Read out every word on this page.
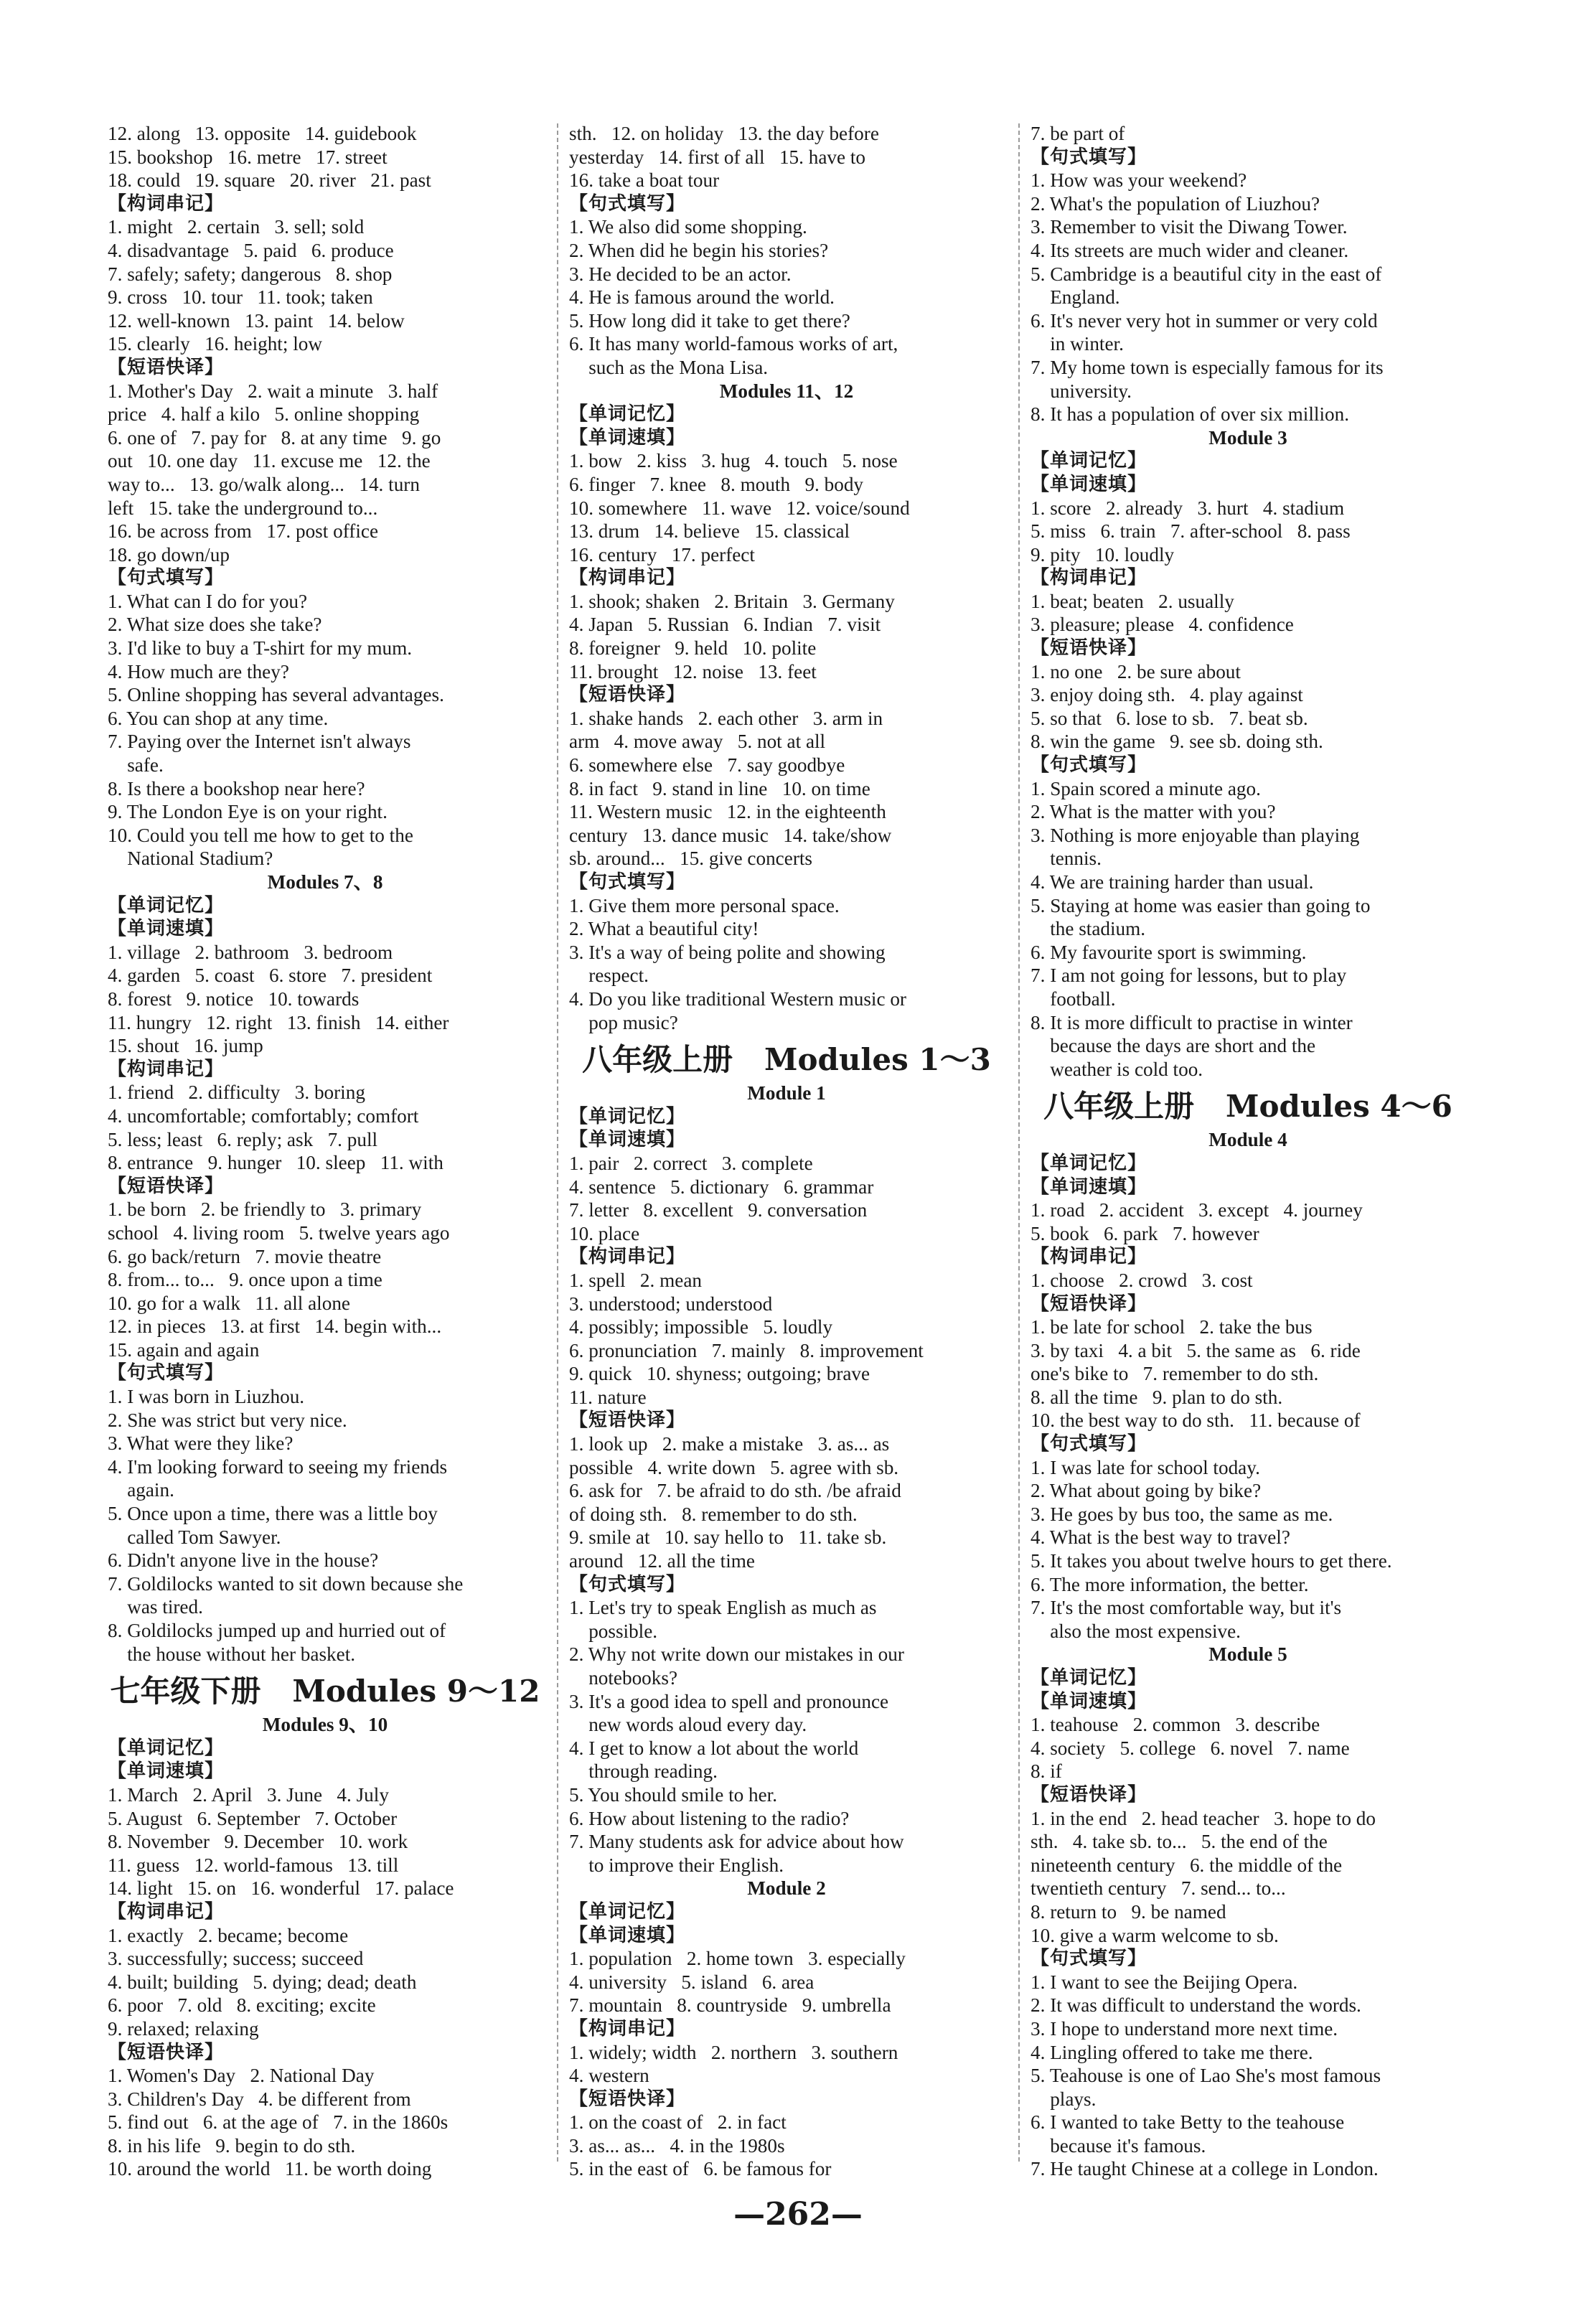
12. along   13. opposite   14. guidebook
15. bookshop   16. metre   17. street
18. could   19. square   20. river   21. past
【构词串记】
1. might   2. certain   3. sell; sold
4. disadvantage   5. paid   6. produce
7. safely; safety; dangerous   8. shop
9. cross   10. tour   11. took; taken
12. well-known   13. paint   14. below
15. clearly   16. height; low
【短语快译】
1. Mother's Day   2. wait a minute   3. half
price   4. half a kilo   5. online shopping
6. one of   7. pay for   8. at any time   9. go
out   10. one day   11. excuse me   12. the
way to...   13. go/walk along...   14. turn
left   15. take the underground to...
16. be across from   17. post office
18. go down/up
【句式填写】
1. What can I do for you?
2. What size does she take?
3. I'd like to buy a T-shirt for my mum.
4. How much are they?
5. Online shopping has several advantages.
6. You can shop at any time.
7. Paying over the Internet isn't always
safe.
8. Is there a bookshop near here?
9. The London Eye is on your right.
10. Could you tell me how to get to the
National Stadium?
Modules 7、8
【单词记忆】
【单词速填】
1. village   2. bathroom   3. bedroom
4. garden   5. coast   6. store   7. president
8. forest   9. notice   10. towards
11. hungry   12. right   13. finish   14. either
15. shout   16. jump
【构词串记】
1. friend   2. difficulty   3. boring
4. uncomfortable; comfortably; comfort
5. less; least   6. reply; ask   7. pull
8. entrance   9. hunger   10. sleep   11. with
【短语快译】
1. be born   2. be friendly to   3. primary
school   4. living room   5. twelve years ago
6. go back/return   7. movie theatre
8. from... to...   9. once upon a time
10. go for a walk   11. all alone
12. in pieces   13. at first   14. begin with...
15. again and again
【句式填写】
1. I was born in Liuzhou.
2. She was strict but very nice.
3. What were they like?
4. I'm looking forward to seeing my friends
again.
5. Once upon a time, there was a little boy
called Tom Sawyer.
6. Didn't anyone live in the house?
7. Goldilocks wanted to sit down because she
was tired.
8. Goldilocks jumped up and hurried out of
the house without her basket.
七年级下册   Modules 9～12
Modules 9、10
【单词记忆】
【单词速填】
1. March   2. April   3. June   4. July
5. August   6. September   7. October
8. November   9. December   10. work
11. guess   12. world-famous   13. till
14. light   15. on   16. wonderful   17. palace
【构词串记】
1. exactly   2. became; become
3. successfully; success; succeed
4. built; building   5. dying; dead; death
6. poor   7. old   8. exciting; excite
9. relaxed; relaxing
【短语快译】
1. Women's Day   2. National Day
3. Children's Day   4. be different from
5. find out   6. at the age of   7. in the 1860s
8. in his life   9. begin to do sth.
10. around the world   11. be worth doing
sth.   12. on holiday   13. the day before
yesterday   14. first of all   15. have to
16. take a boat tour
【句式填写】
1. We also did some shopping.
2. When did he begin his stories?
3. He decided to be an actor.
4. He is famous around the world.
5. How long did it take to get there?
6. It has many world-famous works of art,
such as the Mona Lisa.
Modules 11、12
【单词记忆】
【单词速填】
1. bow   2. kiss   3. hug   4. touch   5. nose
6. finger   7. knee   8. mouth   9. body
10. somewhere   11. wave   12. voice/sound
13. drum   14. believe   15. classical
16. century   17. perfect
【构词串记】
1. shook; shaken   2. Britain   3. Germany
4. Japan   5. Russian   6. Indian   7. visit
8. foreigner   9. held   10. polite
11. brought   12. noise   13. feet
【短语快译】
1. shake hands   2. each other   3. arm in
arm   4. move away   5. not at all
6. somewhere else   7. say goodbye
8. in fact   9. stand in line   10. on time
11. Western music   12. in the eighteenth
century   13. dance music   14. take/show
sb. around...   15. give concerts
【句式填写】
1. Give them more personal space.
2. What a beautiful city!
3. It's a way of being polite and showing
respect.
4. Do you like traditional Western music or
pop music?
八年级上册   Modules 1～3
Module 1
【单词记忆】
【单词速填】
1. pair   2. correct   3. complete
4. sentence   5. dictionary   6. grammar
7. letter   8. excellent   9. conversation
10. place
【构词串记】
1. spell   2. mean
3. understood; understood
4. possibly; impossible   5. loudly
6. pronunciation   7. mainly   8. improvement
9. quick   10. shyness; outgoing; brave
11. nature
【短语快译】
1. look up   2. make a mistake   3. as... as
possible   4. write down   5. agree with sb.
6. ask for   7. be afraid to do sth. /be afraid
of doing sth.   8. remember to do sth.
9. smile at   10. say hello to   11. take sb.
around   12. all the time
【句式填写】
1. Let's try to speak English as much as
possible.
2. Why not write down our mistakes in our
notebooks?
3. It's a good idea to spell and pronounce
new words aloud every day.
4. I get to know a lot about the world
through reading.
5. You should smile to her.
6. How about listening to the radio?
7. Many students ask for advice about how
to improve their English.
Module 2
【单词记忆】
【单词速填】
1. population   2. home town   3. especially
4. university   5. island   6. area
7. mountain   8. countryside   9. umbrella
【构词串记】
1. widely; width   2. northern   3. southern
4. western
【短语快译】
1. on the coast of   2. in fact
3. as... as...   4. in the 1980s
5. in the east of   6. be famous for
7. be part of
【句式填写】
1. How was your weekend?
2. What's the population of Liuzhou?
3. Remember to visit the Diwang Tower.
4. Its streets are much wider and cleaner.
5. Cambridge is a beautiful city in the east of
England.
6. It's never very hot in summer or very cold
in winter.
7. My home town is especially famous for its
university.
8. It has a population of over six million.
Module 3
【单词记忆】
【单词速填】
1. score   2. already   3. hurt   4. stadium
5. miss   6. train   7. after-school   8. pass
9. pity   10. loudly
【构词串记】
1. beat; beaten   2. usually
3. pleasure; please   4. confidence
【短语快译】
1. no one   2. be sure about
3. enjoy doing sth.   4. play against
5. so that   6. lose to sb.   7. beat sb.
8. win the game   9. see sb. doing sth.
【句式填写】
1. Spain scored a minute ago.
2. What is the matter with you?
3. Nothing is more enjoyable than playing
tennis.
4. We are training harder than usual.
5. Staying at home was easier than going to
the stadium.
6. My favourite sport is swimming.
7. I am not going for lessons, but to play
football.
8. It is more difficult to practise in winter
because the days are short and the
weather is cold too.
八年级上册   Modules 4～6
Module 4
【单词记忆】
【单词速填】
1. road   2. accident   3. except   4. journey
5. book   6. park   7. however
【构词串记】
1. choose   2. crowd   3. cost
【短语快译】
1. be late for school   2. take the bus
3. by taxi   4. a bit   5. the same as   6. ride
one's bike to   7. remember to do sth.
8. all the time   9. plan to do sth.
10. the best way to do sth.   11. because of
【句式填写】
1. I was late for school today.
2. What about going by bike?
3. He goes by bus too, the same as me.
4. What is the best way to travel?
5. It takes you about twelve hours to get there.
6. The more information, the better.
7. It's the most comfortable way, but it's
also the most expensive.
Module 5
【单词记忆】
【单词速填】
1. teahouse   2. common   3. describe
4. society   5. college   6. novel   7. name
8. if
【短语快译】
1. in the end   2. head teacher   3. hope to do
sth.   4. take sb. to...   5. the end of the
nineteenth century   6. the middle of the
twentieth century   7. send... to...
8. return to   9. be named
10. give a warm welcome to sb.
【句式填写】
1. I want to see the Beijing Opera.
2. It was difficult to understand the words.
3. I hope to understand more next time.
4. Lingling offered to take me there.
5. Teahouse is one of Lao She's most famous
plays.
6. I wanted to take Betty to the teahouse
because it's famous.
7. He taught Chinese at a college in London.
—262—
